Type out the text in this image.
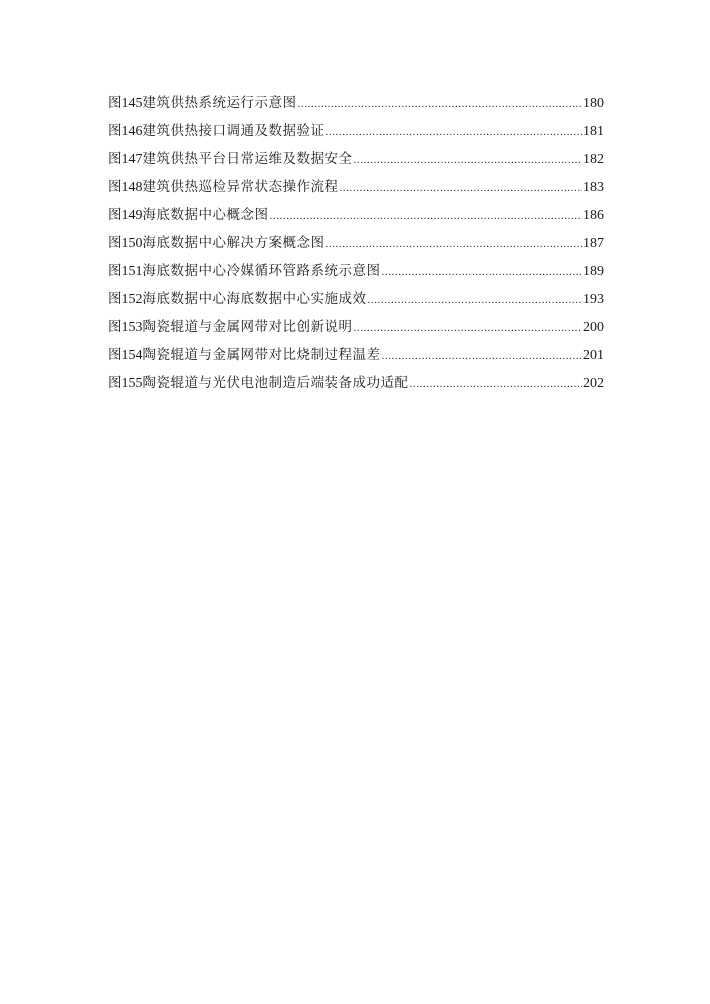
图 145 建筑供热系统运行示意图 .....	180
图 146 建筑供热接口调通及数据验证 .....	181
图 147 建筑供热平台日常运维及数据安全 .....	182
图 148 建筑供热巡检异常状态操作流程 .....	183
图 149 海底数据中心概念图 .....	186
图 150 海底数据中心解决方案概念图 .....	187
图 151 海底数据中心冷媒循环管路系统示意图 .....	189
图 152 海底数据中心海底数据中心实施成效 .....	193
图 153 陶瓷辊道与金属网带对比创新说明 .....	200
图 154 陶瓷辊道与金属网带对比烧制过程温差 .....	201
图 155 陶瓷辊道与光伏电池制造后端装备成功适配 .....	202
